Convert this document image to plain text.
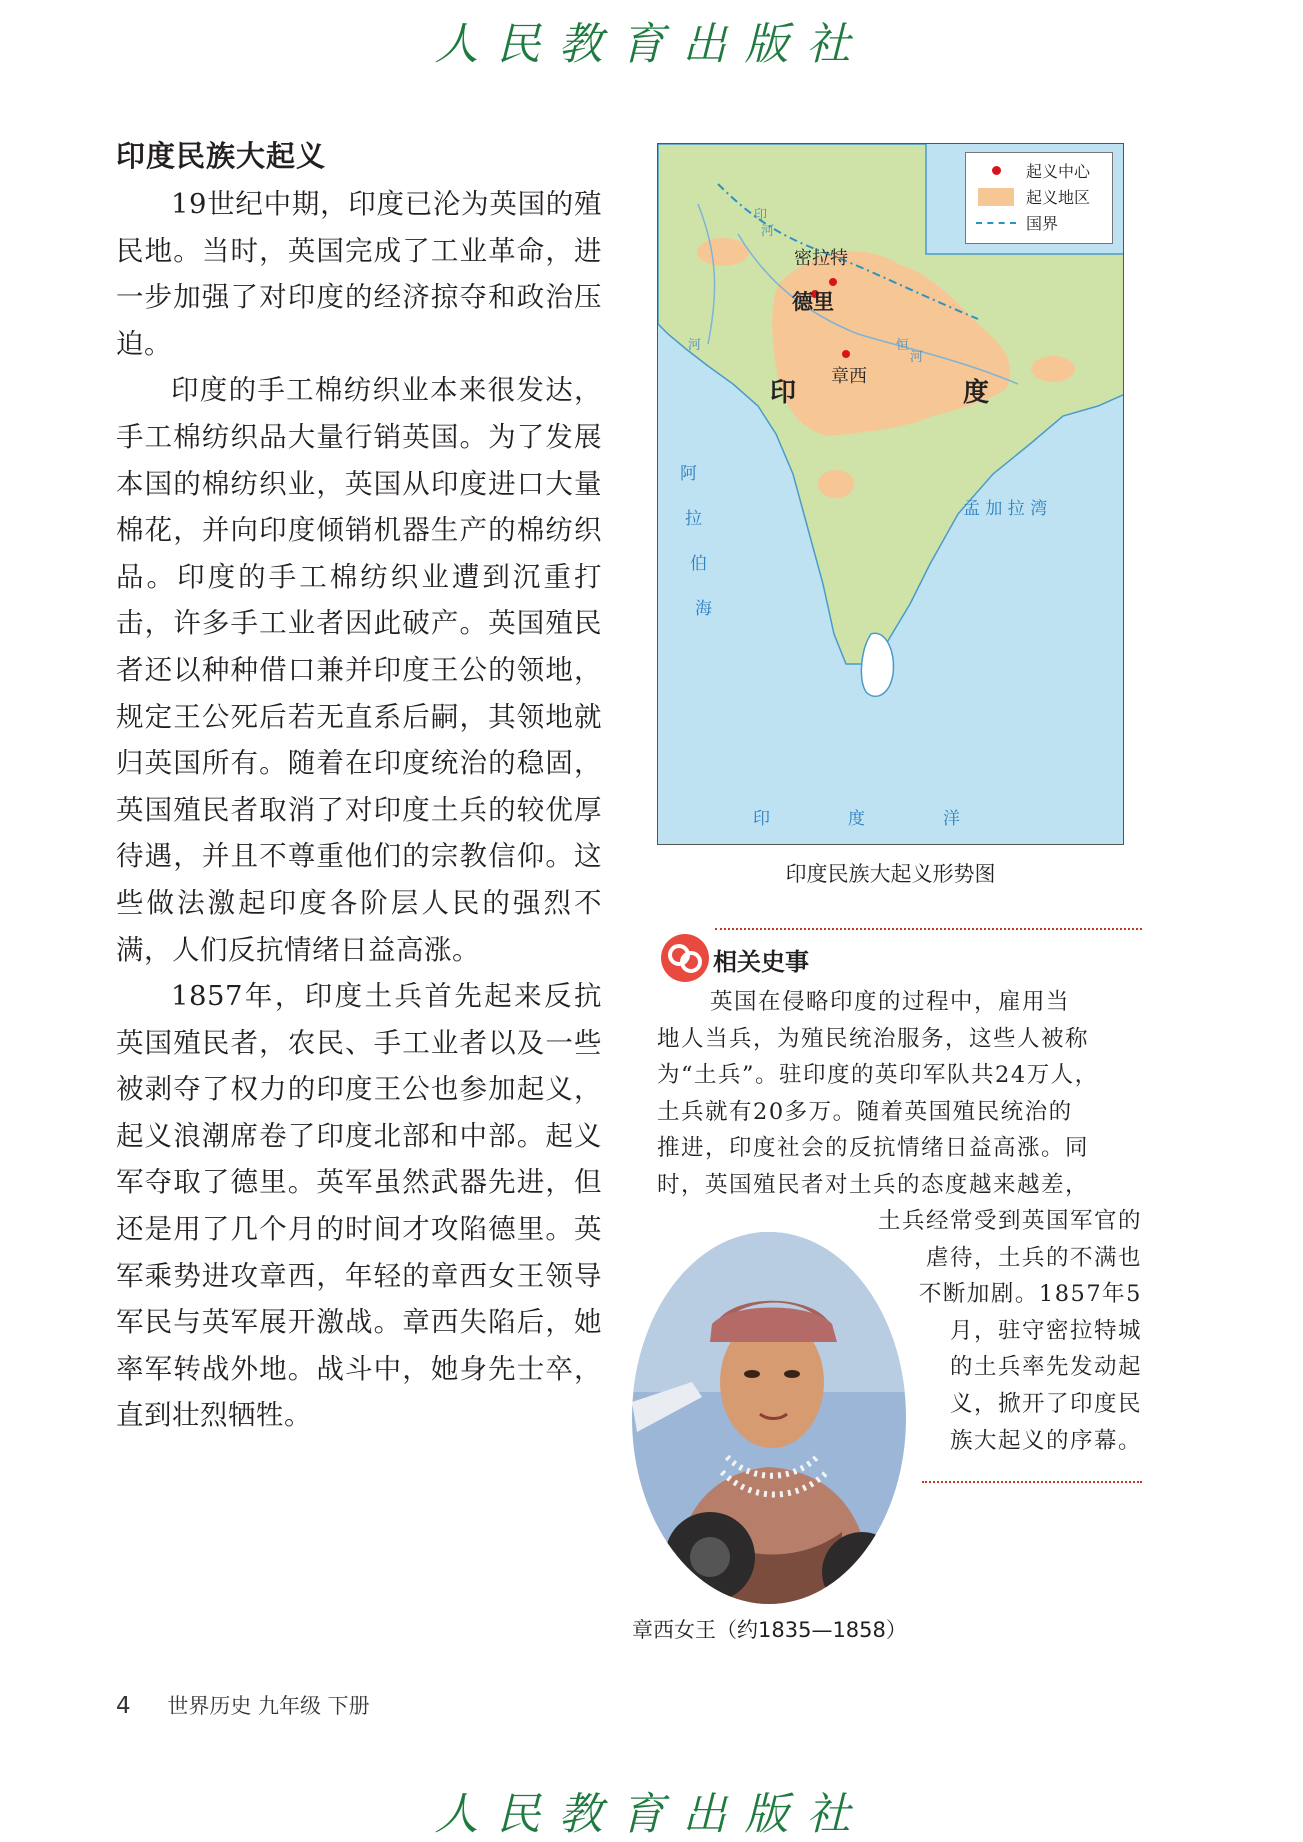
人民教育出版社
印度民族大起义

19世纪中期，印度已沦为英国的殖民地。当时，英国完成了工业革命，进一步加强了对印度的经济掠夺和政治压迫。

印度的手工棉纺织业本来很发达，手工棉纺织品大量行销英国。为了发展本国的棉纺织业，英国从印度进口大量棉花，并向印度倾销机器生产的棉纺织品。印度的手工棉纺织业遭到沉重打击，许多手工业者因此破产。英国殖民者还以种种借口兼并印度王公的领地，规定王公死后若无直系后嗣，其领地就归英国所有。随着在印度统治的稳固，英国殖民者取消了对印度土兵的较优厚待遇，并且不尊重他们的宗教信仰。这些做法激起印度各阶层人民的强烈不满，人们反抗情绪日益高涨。

1857年，印度土兵首先起来反抗英国殖民者，农民、手工业者以及一些被剥夺了权力的印度王公也参加起义，起义浪潮席卷了印度北部和中部。起义军夺取了德里。英军虽然武器先进，但还是用了几个月的时间才攻陷德里。英军乘势进攻章西，年轻的章西女王领导军民与英军展开激战。章西失陷后，她率军转战外地。战斗中，她身先士卒，直到壮烈牺牲。

起义中心
起义地区
国界
密拉特
德里
章西
印	度
阿
拉
伯
海
孟 加 拉 湾
印	度	洋
印
河
河	恒
河
印度民族大起义形势图
相关史事

英国在侵略印度的过程中，雇用当

地人当兵，为殖民统治服务，这些人被称

为“土兵”。驻印度的英印军队共24万人，

土兵就有20多万。随着英国殖民统治的

推进，印度社会的反抗情绪日益高涨。同

时，英国殖民者对土兵的态度越来越差，

土兵经常受到英国军官的

虐待，土兵的不满也

不断加剧。1857年5

月，驻守密拉特城

的土兵率先发动起

义，掀开了印度民

族大起义的序幕。

章西女王（约1835—1858）
4 世界历史 九年级 下册
人民教育出版社
